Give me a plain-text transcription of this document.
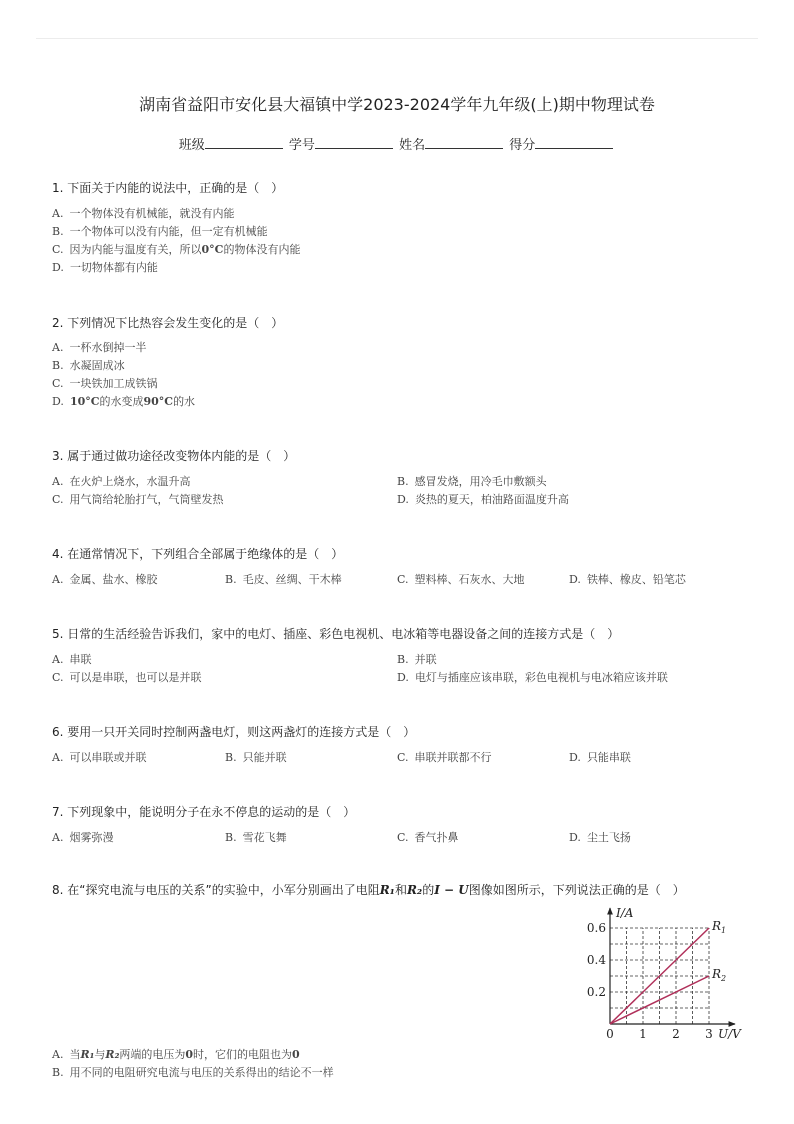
湖南省益阳市安化县大福镇中学2023-2024学年九年级(上)期中物理试卷
班级	学号	姓名	得分
1. 下面关于内能的说法中，正确的是（　）
A. 一个物体没有机械能，就没有内能
B. 一个物体可以没有内能，但一定有机械能
C. 因为内能与温度有关，所以0°C的物体没有内能
D. 一切物体都有内能
2. 下列情况下比热容会发生变化的是（　）
A. 一杯水倒掉一半
B. 水凝固成冰
C. 一块铁加工成铁锅
D. 10°C的水变成90°C的水
3. 属于通过做功途径改变物体内能的是（　）
A. 在火炉上烧水，水温升高	B. 感冒发烧，用冷毛巾敷额头
C. 用气筒给轮胎打气，气筒壁发热	D. 炎热的夏天，柏油路面温度升高
4. 在通常情况下，下列组合全部属于绝缘体的是（　）
A. 金属、盐水、橡胶	B. 毛皮、丝绸、干木棒	C. 塑料棒、石灰水、大地	D. 铁棒、橡皮、铅笔芯
5. 日常的生活经验告诉我们，家中的电灯、插座、彩色电视机、电冰箱等电器设备之间的连接方式是（　）
A. 串联	B. 并联
C. 可以是串联，也可以是并联	D. 电灯与插座应该串联，彩色电视机与电冰箱应该并联
6. 要用一只开关同时控制两盏电灯，则这两盏灯的连接方式是（　）
A. 可以串联或并联	B. 只能并联	C. 串联并联都不行	D. 只能串联
7. 下列现象中，能说明分子在永不停息的运动的是（　）
A. 烟雾弥漫	B. 雪花飞舞	C. 香气扑鼻	D. 尘土飞扬
8. 在“探究电流与电压的关系”的实验中，小军分别画出了电阻R₁和R₂的I − U图像如图所示，下列说法正确的是（　）
0 1 2 3
0.2
0.4
0.6
I/A
U/V
$R_1$
$R_2$
A. 当R₁与R₂两端的电压为0时，它们的电阻也为0
B. 用不同的电阻研究电流与电压的关系得出的结论不一样
